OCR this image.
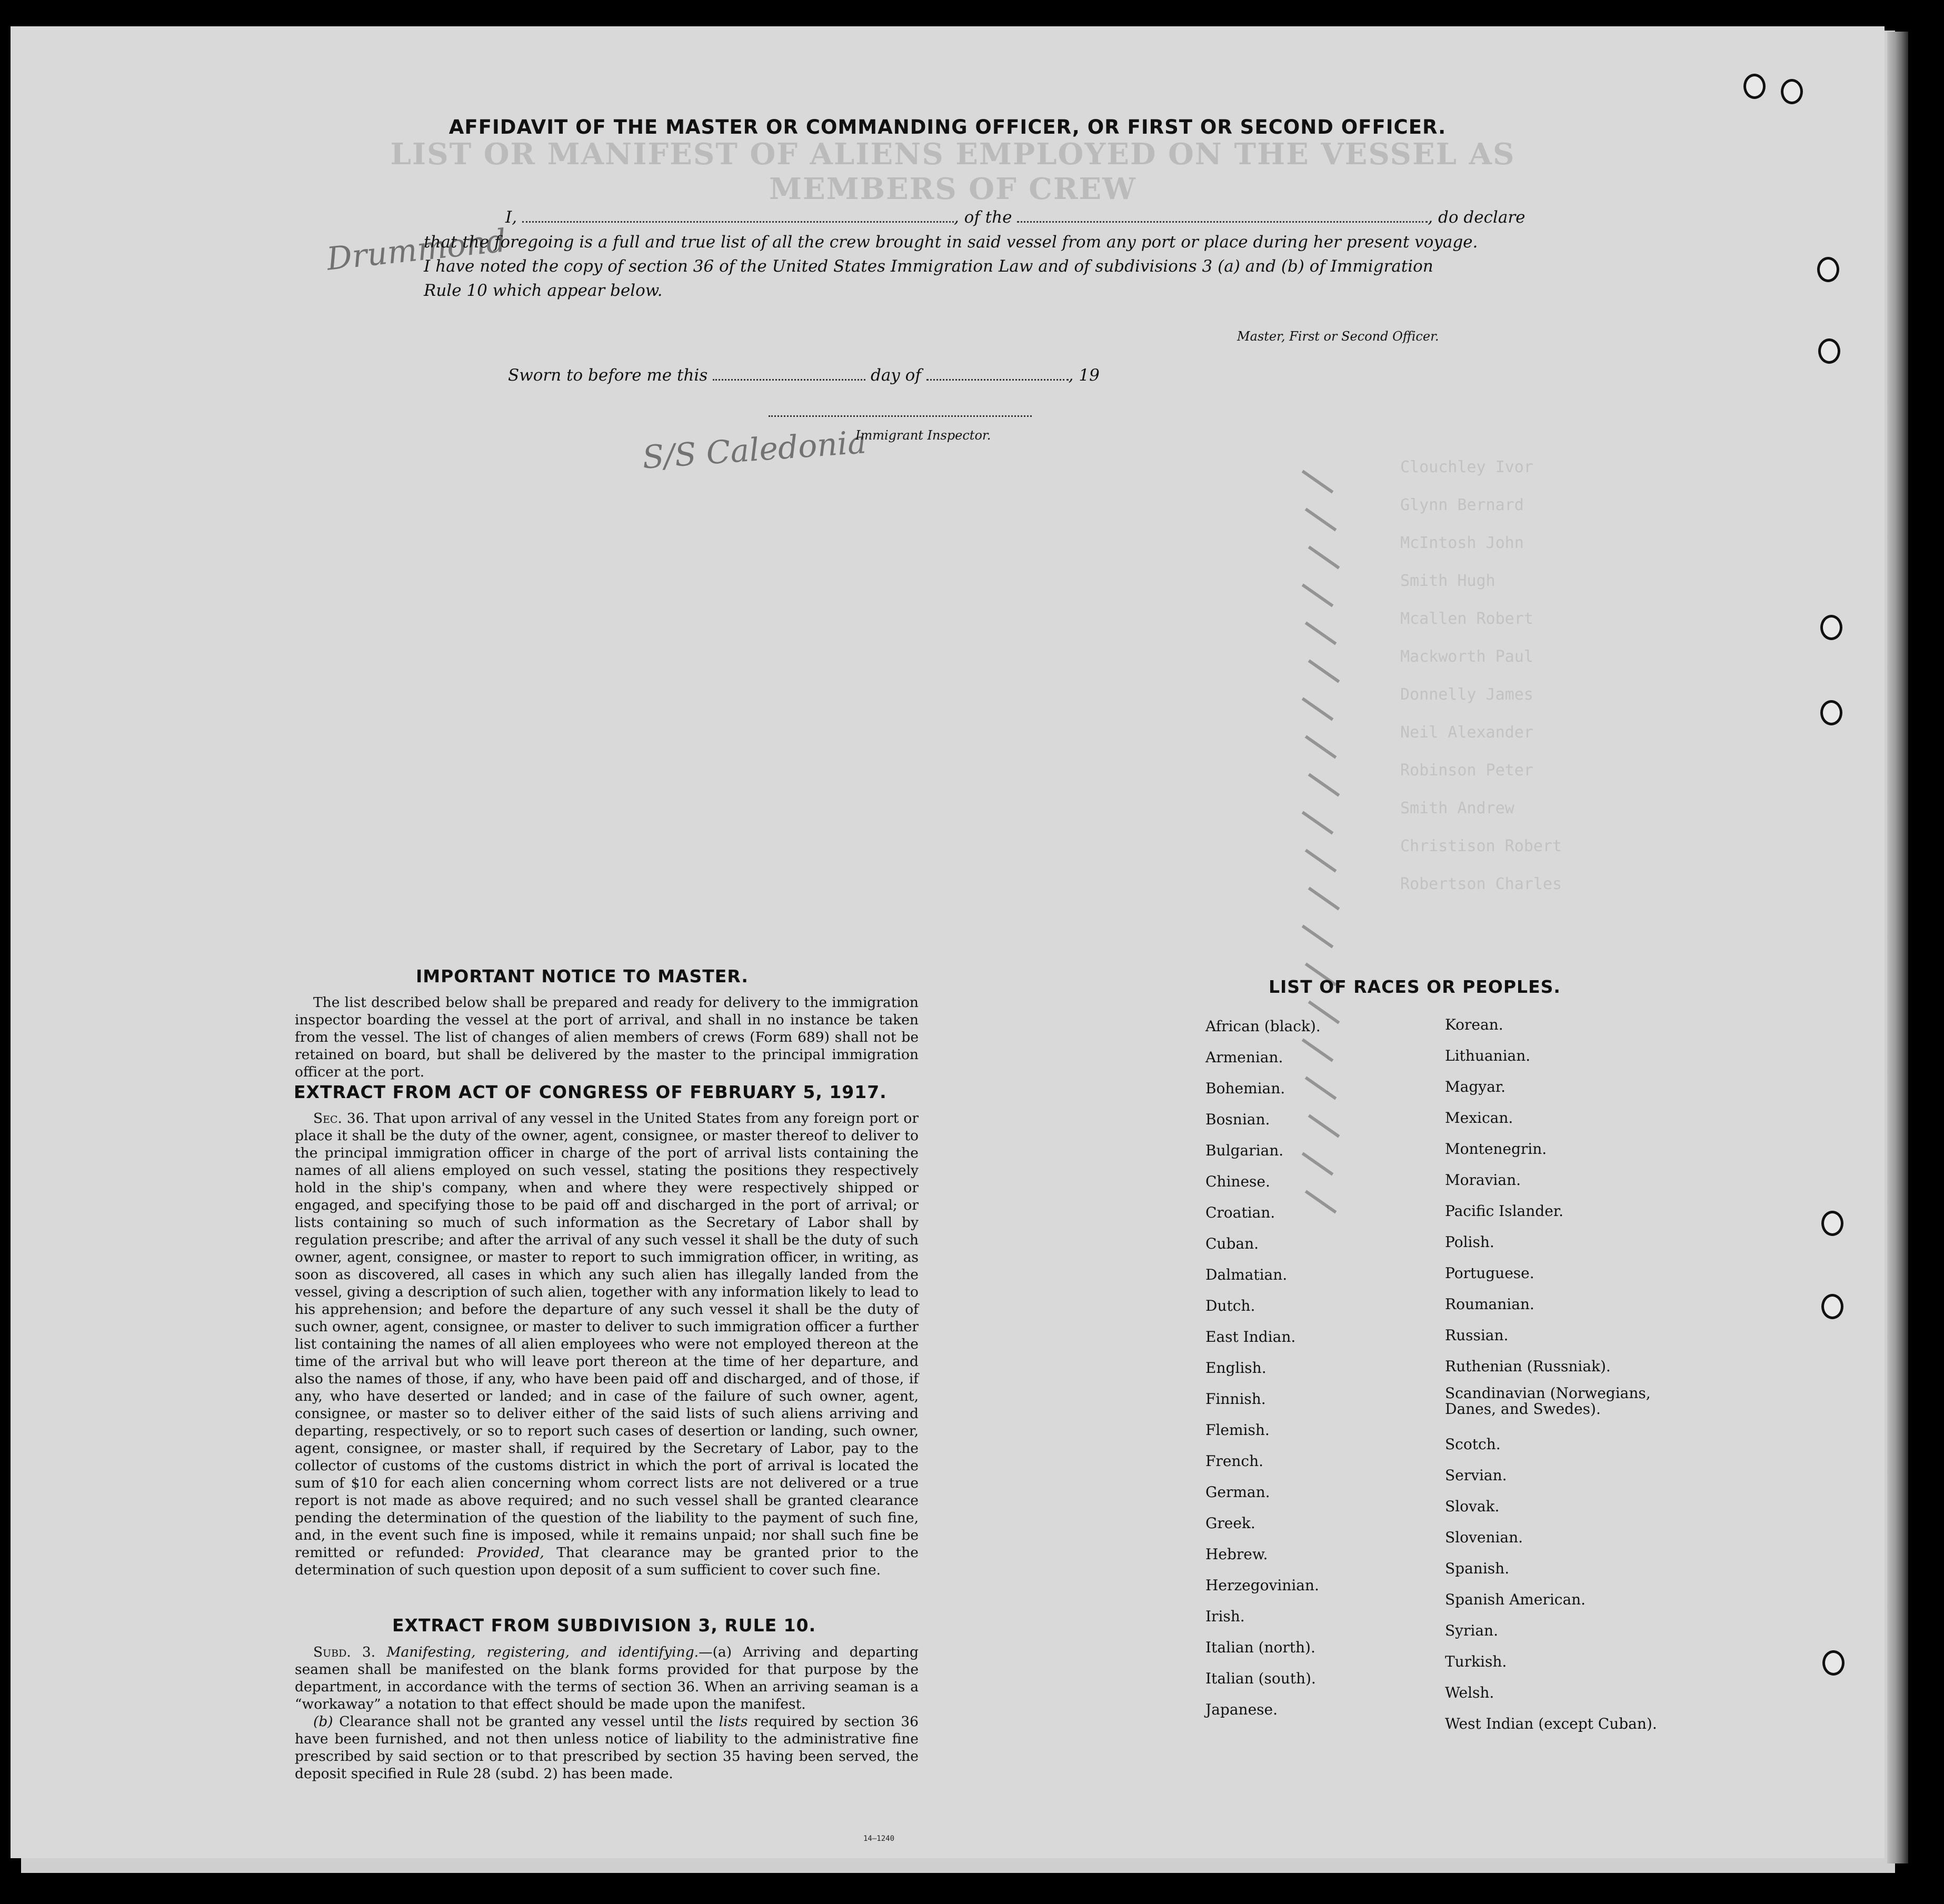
LIST OR MANIFEST OF ALIENS EMPLOYED ON THE VESSEL AS MEMBERS OF CREW
Clouchley Ivor
Glynn Bernard
McIntosh John
Smith Hugh
Mcallen Robert
Mackworth Paul
Donnelly James
Neil Alexander
Robinson Peter
Smith Andrew
Christison Robert
Robertson Charles
S/S Caledonia
Drummond
AFFIDAVIT OF THE MASTER OR COMMANDING OFFICER, OR FIRST OR SECOND OFFICER.
I,	, of the	, do declare
that the foregoing is a full and true list of all the crew brought in said vessel from any port or place during her present voyage.
I have noted the copy of section 36 of the United States Immigration Law and of subdivisions 3 (a) and (b) of Immigration
Rule 10 which appear below.
Master, First or Second Officer.
Sworn to before me this	day of	, 19
Immigrant Inspector.
IMPORTANT NOTICE TO MASTER.

The list described below shall be prepared and ready for delivery to the immigration inspector boarding the vessel at the port of arrival, and shall in no instance be taken from the vessel. The list of changes of alien members of crews (Form 689) shall not be retained on board, but shall be delivered by the master to the principal immigration officer at the port.

EXTRACT FROM ACT OF CONGRESS OF FEBRUARY 5, 1917.

Sec. 36. That upon arrival of any vessel in the United States from any foreign port or place it shall be the duty of the owner, agent, consignee, or master thereof to deliver to the principal immigration officer in charge of the port of arrival lists containing the names of all aliens employed on such vessel, stating the positions they respectively hold in the ship's company, when and where they were respectively shipped or engaged, and specifying those to be paid off and discharged in the port of arrival; or lists containing so much of such information as the Secretary of Labor shall by regulation prescribe; and after the arrival of any such vessel it shall be the duty of such owner, agent, consignee, or master to report to such immigration officer, in writing, as soon as discovered, all cases in which any such alien has illegally landed from the vessel, giving a description of such alien, together with any information likely to lead to his apprehension; and before the departure of any such vessel it shall be the duty of such owner, agent, consignee, or master to deliver to such immigration officer a further list containing the names of all alien employees who were not employed thereon at the time of the arrival but who will leave port thereon at the time of her departure, and also the names of those, if any, who have been paid off and discharged, and of those, if any, who have deserted or landed; and in case of the failure of such owner, agent, consignee, or master so to deliver either of the said lists of such aliens arriving and departing, respectively, or so to report such cases of desertion or landing, such owner, agent, consignee, or master shall, if required by the Secretary of Labor, pay to the collector of customs of the customs district in which the port of arrival is located the sum of $10 for each alien concerning whom correct lists are not delivered or a true report is not made as above required; and no such vessel shall be granted clearance pending the determination of the question of the liability to the payment of such fine, and, in the event such fine is imposed, while it remains unpaid; nor shall such fine be remitted or refunded: Provided, That clearance may be granted prior to the determination of such question upon deposit of a sum sufficient to cover such fine.

EXTRACT FROM SUBDIVISION 3, RULE 10.

Subd. 3. Manifesting, registering, and identifying.—(a) Arriving and departing seamen shall be manifested on the blank forms provided for that purpose by the department, in accordance with the terms of section 36. When an arriving seaman is a “workaway” a notation to that effect should be made upon the manifest.

(b) Clearance shall not be granted any vessel until the lists required by section 36 have been furnished, and not then unless notice of liability to the administrative fine prescribed by said section or to that prescribed by section 35 having been served, the deposit specified in Rule 28 (subd. 2) has been made.

14—1240
LIST OF RACES OR PEOPLES.
African (black).
Armenian.
Bohemian.
Bosnian.
Bulgarian.
Chinese.
Croatian.
Cuban.
Dalmatian.
Dutch.
East Indian.
English.
Finnish.
Flemish.
French.
German.
Greek.
Hebrew.
Herzegovinian.
Irish.
Italian (north).
Italian (south).
Japanese.
Korean.
Lithuanian.
Magyar.
Mexican.
Montenegrin.
Moravian.
Pacific Islander.
Polish.
Portuguese.
Roumanian.
Russian.
Ruthenian (Russniak).
Scandinavian (Norwegians, Danes, and Swedes).
Scotch.
Servian.
Slovak.
Slovenian.
Spanish.
Spanish American.
Syrian.
Turkish.
Welsh.
West Indian (except Cuban).
